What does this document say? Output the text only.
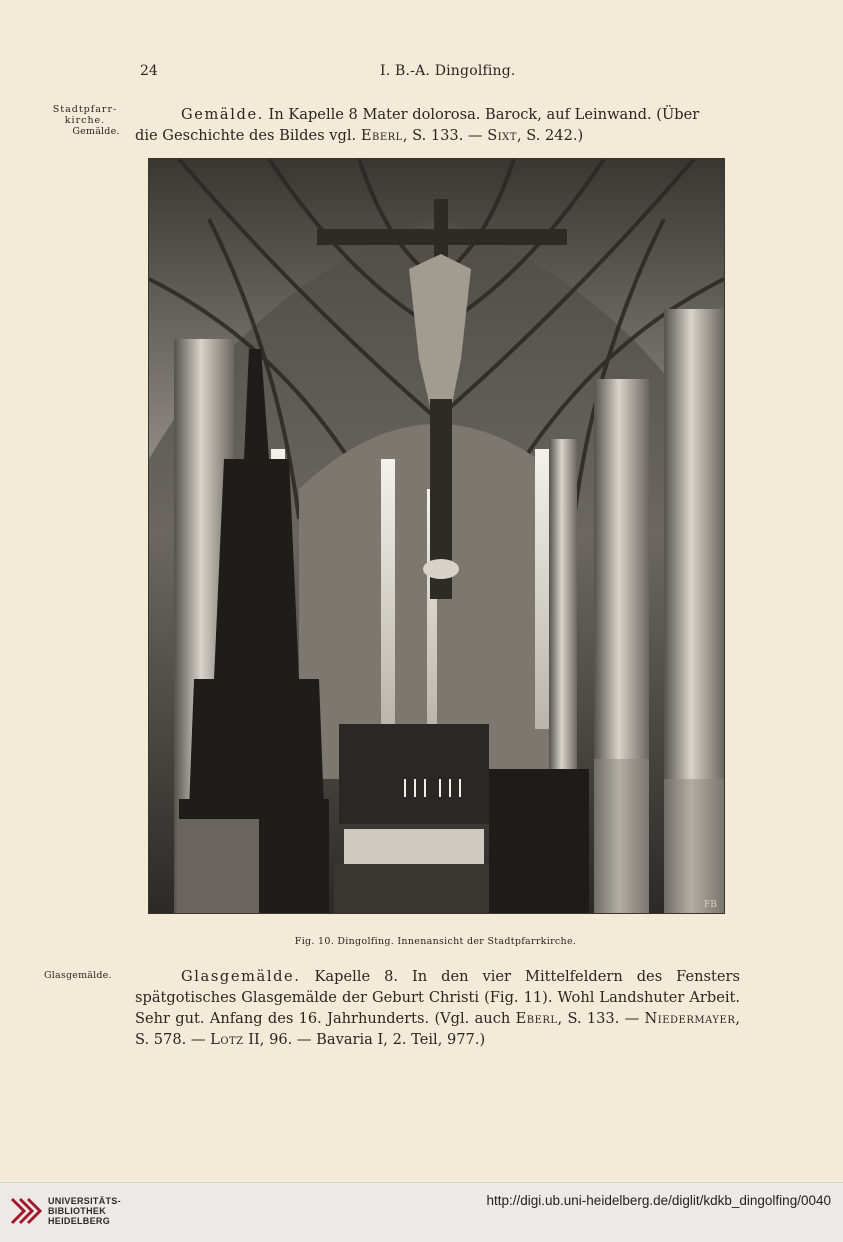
24	I. B.-A. Dingolfing.
Stadtpfarr-
kirche.
Gemälde.
Gemälde. In Kapelle 8 Mater dolorosa. Barock, auf Leinwand. (Über
die Geschichte des Bildes vgl. Eberl, S. 133. — Sixt, S. 242.)
FB
Fig. 10. Dingolfing. Innenansicht der Stadtpfarrkirche.
Glasgemälde.	Glasgemälde. Kapelle 8. In den vier Mittelfeldern des Fensters spätgotisches Glasgemälde der Geburt Christi (Fig. 11). Wohl Landshuter Arbeit. Sehr gut. Anfang des 16. Jahrhunderts. (Vgl. auch Eberl, S. 133. — Niedermayer, S. 578. — Lotz II, 96. — Bavaria I, 2. Teil, 977.)
UNIVERSITÄTS-
BIBLIOTHEK
HEIDELBERG
http://digi.ub.uni-heidelberg.de/diglit/kdkb_dingolfing/0040
